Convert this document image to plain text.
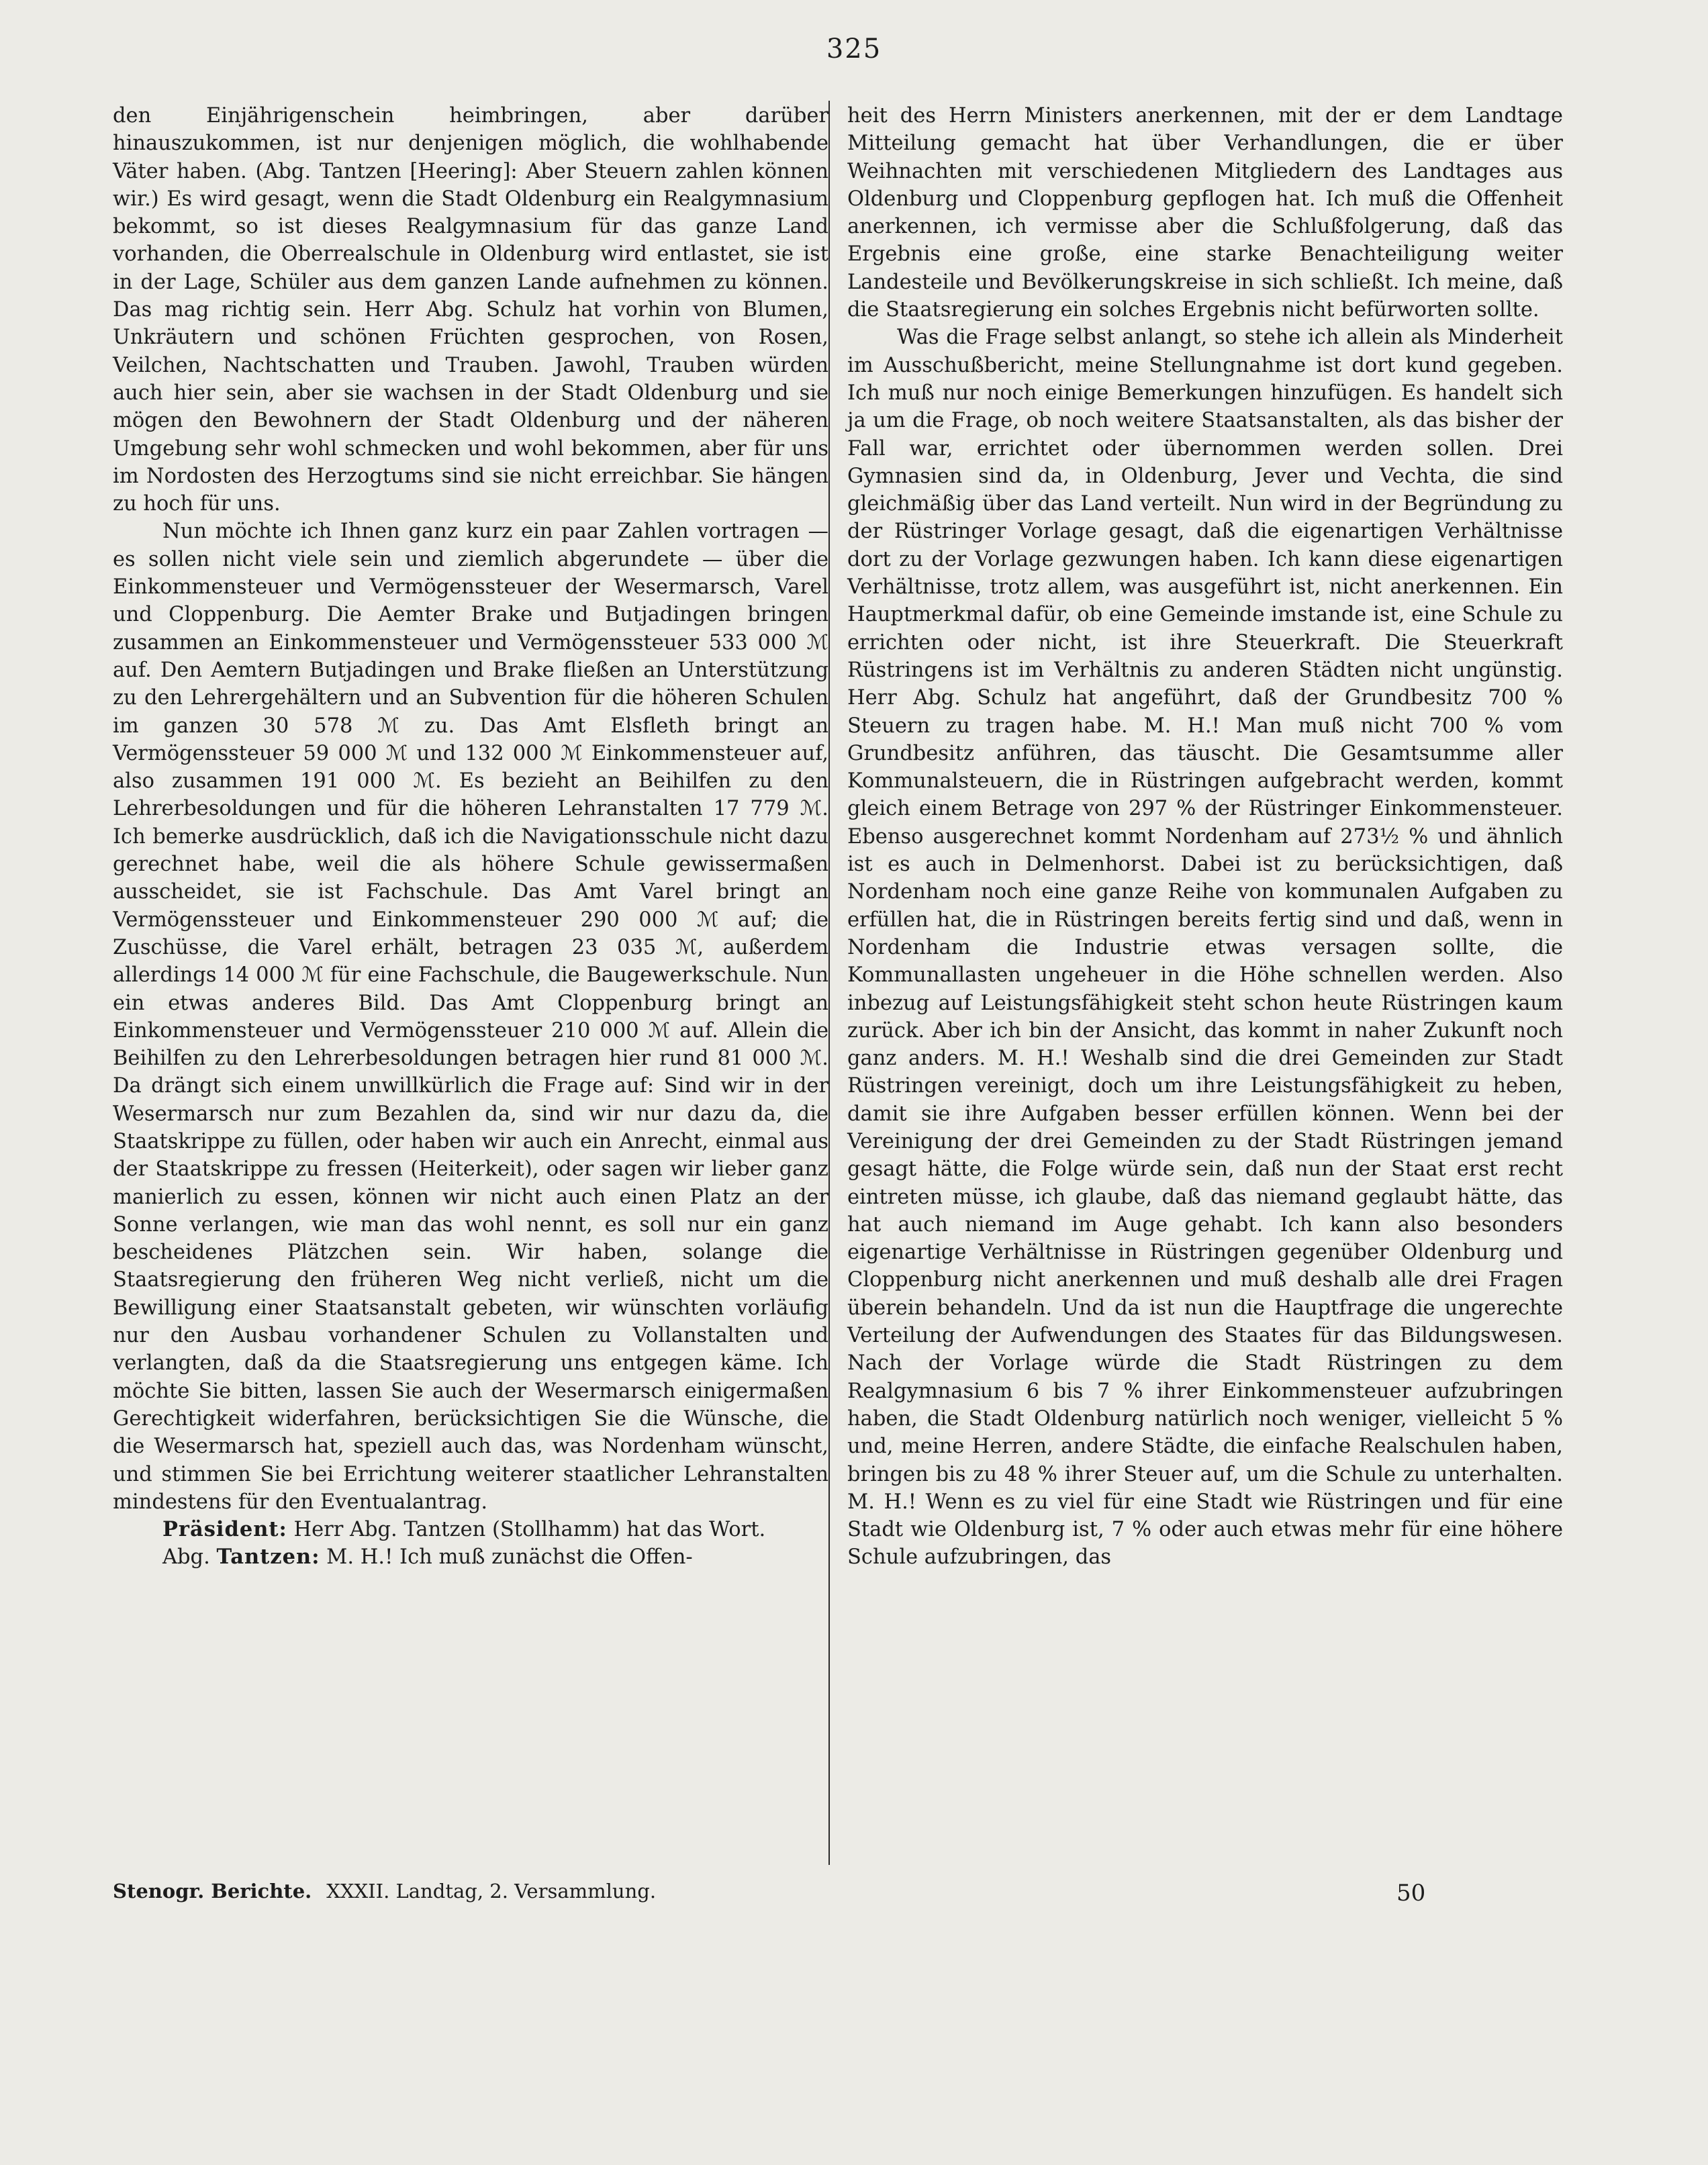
325

den Einjährigenschein heimbringen, aber darüber hinauszukommen, ist nur denjenigen möglich, die wohlhabende Väter haben. (Abg. Tantzen [Heering]: Aber Steuern zahlen können wir.) Es wird gesagt, wenn die Stadt Oldenburg ein Realgymnasium bekommt, so ist dieses Realgymnasium für das ganze Land vorhanden, die Oberrealschule in Oldenburg wird entlastet, sie ist in der Lage, Schüler aus dem ganzen Lande aufnehmen zu können. Das mag richtig sein. Herr Abg. Schulz hat vorhin von Blumen, Unkräutern und schönen Früchten gesprochen, von Rosen, Veilchen, Nachtschatten und Trauben. Jawohl, Trauben würden auch hier sein, aber sie wachsen in der Stadt Oldenburg und sie mögen den Bewohnern der Stadt Oldenburg und der näheren Umgebung sehr wohl schmecken und wohl bekommen, aber für uns im Nordosten des Herzogtums sind sie nicht erreichbar. Sie hängen zu hoch für uns.

Nun möchte ich Ihnen ganz kurz ein paar Zahlen vortragen — es sollen nicht viele sein und ziemlich abgerundete — über die Einkommensteuer und Vermögenssteuer der Wesermarsch, Varel und Cloppenburg. Die Aemter Brake und Butjadingen bringen zusammen an Einkommensteuer und Vermögenssteuer 533 000 ℳ auf. Den Aemtern Butjadingen und Brake fließen an Unterstützung zu den Lehrergehältern und an Subvention für die höheren Schulen im ganzen 30 578 ℳ zu. Das Amt Elsfleth bringt an Vermögenssteuer 59 000 ℳ und 132 000 ℳ Einkommensteuer auf, also zusammen 191 000 ℳ. Es bezieht an Beihilfen zu den Lehrerbesoldungen und für die höheren Lehranstalten 17 779 ℳ. Ich bemerke ausdrücklich, daß ich die Navigationsschule nicht dazu gerechnet habe, weil die als höhere Schule gewissermaßen ausscheidet, sie ist Fachschule. Das Amt Varel bringt an Vermögenssteuer und Einkommensteuer 290 000 ℳ auf; die Zuschüsse, die Varel erhält, betragen 23 035 ℳ, außerdem allerdings 14 000 ℳ für eine Fachschule, die Baugewerkschule. Nun ein etwas anderes Bild. Das Amt Cloppenburg bringt an Einkommensteuer und Vermögenssteuer 210 000 ℳ auf. Allein die Beihilfen zu den Lehrerbesoldungen betragen hier rund 81 000 ℳ. Da drängt sich einem unwillkürlich die Frage auf: Sind wir in der Wesermarsch nur zum Bezahlen da, sind wir nur dazu da, die Staatskrippe zu füllen, oder haben wir auch ein Anrecht, einmal aus der Staatskrippe zu fressen (Heiterkeit), oder sagen wir lieber ganz manierlich zu essen, können wir nicht auch einen Platz an der Sonne verlangen, wie man das wohl nennt, es soll nur ein ganz bescheidenes Plätzchen sein. Wir haben, solange die Staatsregierung den früheren Weg nicht verließ, nicht um die Bewilligung einer Staatsanstalt gebeten, wir wünschten vorläufig nur den Ausbau vorhandener Schulen zu Vollanstalten und verlangten, daß da die Staatsregierung uns entgegen käme. Ich möchte Sie bitten, lassen Sie auch der Wesermarsch einigermaßen Gerechtigkeit widerfahren, berücksichtigen Sie die Wünsche, die die Wesermarsch hat, speziell auch das, was Nordenham wünscht, und stimmen Sie bei Errichtung weiterer staatlicher Lehranstalten mindestens für den Eventualantrag.

Präsident: Herr Abg. Tantzen (Stollhamm) hat das Wort.

Abg. Tantzen: M. H.! Ich muß zunächst die Offen-

heit des Herrn Ministers anerkennen, mit der er dem Landtage Mitteilung gemacht hat über Verhandlungen, die er über Weihnachten mit verschiedenen Mitgliedern des Landtages aus Oldenburg und Cloppenburg gepflogen hat. Ich muß die Offenheit anerkennen, ich vermisse aber die Schlußfolgerung, daß das Ergebnis eine große, eine starke Benachteiligung weiter Landesteile und Bevölkerungskreise in sich schließt. Ich meine, daß die Staatsregierung ein solches Ergebnis nicht befürworten sollte.

Was die Frage selbst anlangt, so stehe ich allein als Minderheit im Ausschußbericht, meine Stellungnahme ist dort kund gegeben. Ich muß nur noch einige Bemerkungen hinzufügen. Es handelt sich ja um die Frage, ob noch weitere Staatsanstalten, als das bisher der Fall war, errichtet oder übernommen werden sollen. Drei Gymnasien sind da, in Oldenburg, Jever und Vechta, die sind gleichmäßig über das Land verteilt. Nun wird in der Begründung zu der Rüstringer Vorlage gesagt, daß die eigenartigen Verhältnisse dort zu der Vorlage gezwungen haben. Ich kann diese eigenartigen Verhältnisse, trotz allem, was ausgeführt ist, nicht anerkennen. Ein Hauptmerkmal dafür, ob eine Gemeinde imstande ist, eine Schule zu errichten oder nicht, ist ihre Steuerkraft. Die Steuerkraft Rüstringens ist im Verhältnis zu anderen Städten nicht ungünstig. Herr Abg. Schulz hat angeführt, daß der Grundbesitz 700 % Steuern zu tragen habe. M. H.! Man muß nicht 700 % vom Grundbesitz anführen, das täuscht. Die Gesamtsumme aller Kommunalsteuern, die in Rüstringen aufgebracht werden, kommt gleich einem Betrage von 297 % der Rüstringer Einkommensteuer. Ebenso ausgerechnet kommt Nordenham auf 273½ % und ähnlich ist es auch in Delmenhorst. Dabei ist zu berücksichtigen, daß Nordenham noch eine ganze Reihe von kommunalen Aufgaben zu erfüllen hat, die in Rüstringen bereits fertig sind und daß, wenn in Nordenham die Industrie etwas versagen sollte, die Kommunallasten ungeheuer in die Höhe schnellen werden. Also inbezug auf Leistungsfähigkeit steht schon heute Rüstringen kaum zurück. Aber ich bin der Ansicht, das kommt in naher Zukunft noch ganz anders. M. H.! Weshalb sind die drei Gemeinden zur Stadt Rüstringen vereinigt, doch um ihre Leistungsfähigkeit zu heben, damit sie ihre Aufgaben besser erfüllen können. Wenn bei der Vereinigung der drei Gemeinden zu der Stadt Rüstringen jemand gesagt hätte, die Folge würde sein, daß nun der Staat erst recht eintreten müsse, ich glaube, daß das niemand geglaubt hätte, das hat auch niemand im Auge gehabt. Ich kann also besonders eigenartige Verhältnisse in Rüstringen gegenüber Oldenburg und Cloppenburg nicht anerkennen und muß deshalb alle drei Fragen überein behandeln. Und da ist nun die Hauptfrage die ungerechte Verteilung der Aufwendungen des Staates für das Bildungswesen. Nach der Vorlage würde die Stadt Rüstringen zu dem Realgymnasium 6 bis 7 % ihrer Einkommensteuer aufzubringen haben, die Stadt Oldenburg natürlich noch weniger, vielleicht 5 % und, meine Herren, andere Städte, die einfache Realschulen haben, bringen bis zu 48 % ihrer Steuer auf, um die Schule zu unterhalten. M. H.! Wenn es zu viel für eine Stadt wie Rüstringen und für eine Stadt wie Oldenburg ist, 7 % oder auch etwas mehr für eine höhere Schule aufzubringen, das

Stenogr. Berichte. XXXII. Landtag, 2. Versammlung.	50
